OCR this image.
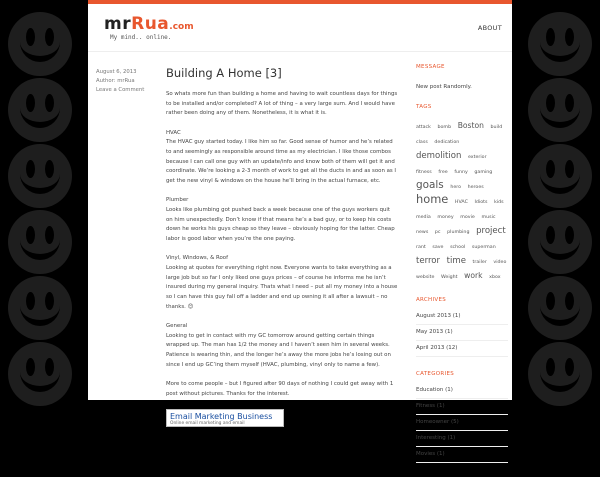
mrRua.com
My mind.. online.
ABOUT
August 6, 2013
Author: mrRua
Leave a Comment
Building A Home [3]

So whats more fun than building a home and having to wait countless days for things to be installed and/or completed? A lot of thing – a very large sum. And I would have rather been doing any of them. Nonetheless, it is what it is.

HVAC
The HVAC guy started today. I like him so far. Good sense of humor and he’s related to and seemingly as responsible around time as my electrician. I like those combos because I can call one guy with an update/info and know both of them will get it and coordinate. We’re looking a 2-3 month of work to get all the ducts in and as soon as I get the new vinyl & windows on the house he’ll bring in the actual furnace, etc.

Plumber
Looks like plumbing got pushed back a week because one of the guys workers quit on him unexpectedly. Don’t know if that means he’s a bad guy, or to keep his costs down he works his guys cheap so they leave – obviously hoping for the latter. Cheap labor is good labor when you’re the one paying.

Vinyl, Windows, & Roof
Looking at quotes for everything right now. Everyone wants to take everything as a large job but so far I only liked one guys prices – of course he informs me he isn’t insured during my general inquiry. Thats what I need – put all my money into a house so I can have this guy fall off a ladder and end up owning it all after a lawsuit – no thanks. 😊

General
Looking to get in contact with my GC tomorrow around getting certain things wrapped up. The man has 1/2 the money and I haven’t seen him in several weeks. Patience is wearing thin, and the longer he’s away the more jobs he’s losing out on since I end up GC’ing them myself (HVAC, plumbing, vinyl only to name a few).

More to come people – but I figured after 90 days of nothing I could get away with 1 post without pictures. Thanks for the interest.

Email Marketing Business
Online email marketing and email
MESSAGE
New post Randomly.
TAGS
attack bomb Boston build class dedication demolition exterior fitness free funny gaming goals hero heroes home HVAC Idiots kids media money movie music news pc plumbing project rant save school superman terror time trailer video website Weight work xbox
ARCHIVES
August 2013 (1)
May 2013 (1)
April 2013 (12)
CATEGORIES
Education (1)
Fitness (1)
Homeowner (5)
Interesting (1)
Movies (1)
